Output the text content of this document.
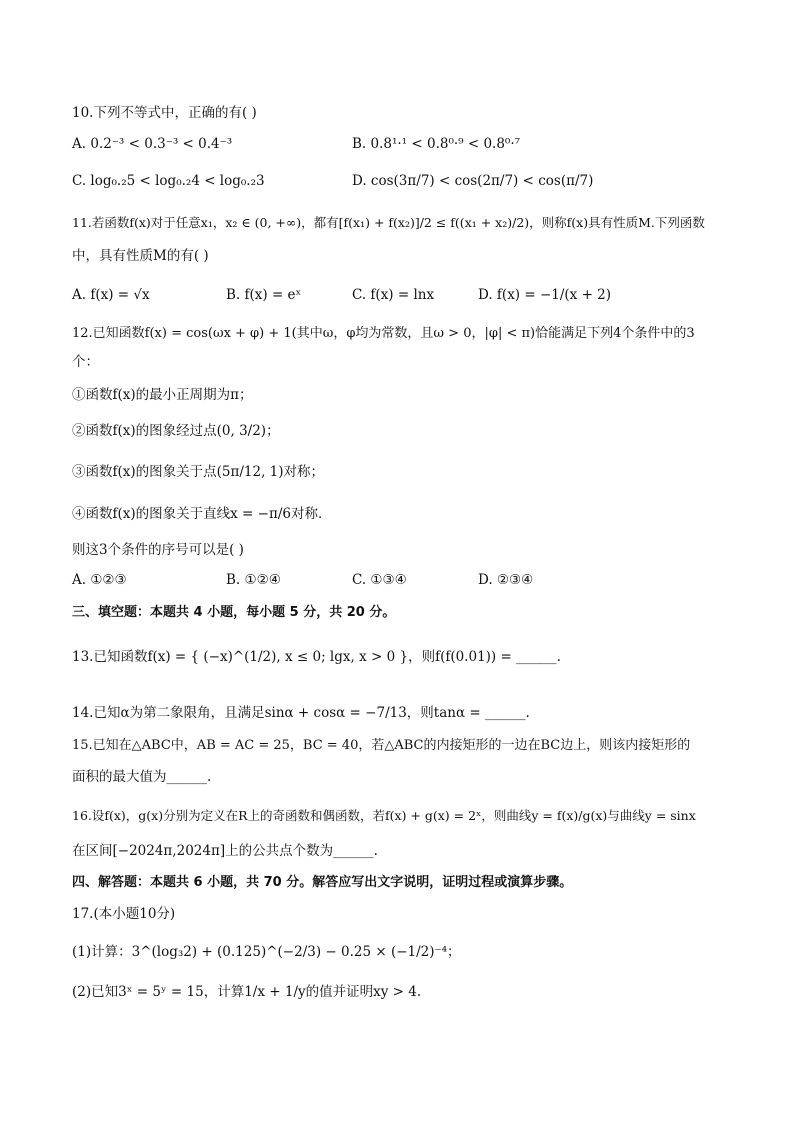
10.下列不等式中，正确的有( )
A. 0.2⁻³ < 0.3⁻³ < 0.4⁻³	B. 0.8¹·¹ < 0.8⁰·⁹ < 0.8⁰·⁷
C. log₀.₂5 < log₀.₂4 < log₀.₂3	D. cos(3π/7) < cos(2π/7) < cos(π/7)
11.若函数f(x)对于任意x₁，x₂ ∈ (0, +∞)，都有[f(x₁) + f(x₂)]/2 ≤ f((x₁ + x₂)/2)，则称f(x)具有性质M.下列函数
中，具有性质M的有( )
A. f(x) = √x	B. f(x) = eˣ	C. f(x) = lnx	D. f(x) = −1/(x + 2)
12.已知函数f(x) = cos(ωx + φ) + 1(其中ω，φ均为常数，且ω > 0，|φ| < π)恰能满足下列4个条件中的3
个：
①函数f(x)的最小正周期为π；
②函数f(x)的图象经过点(0, 3/2)；
③函数f(x)的图象关于点(5π/12, 1)对称；
④函数f(x)的图象关于直线x = −π/6对称．
则这3个条件的序号可以是( )
A. ①②③	B. ①②④	C. ①③④	D. ②③④
三、填空题：本题共 4 小题，每小题 5 分，共 20 分。
13.已知函数f(x) = { (−x)^(1/2), x ≤ 0; lgx, x > 0 }，则f(f(0.01)) = ______.
14.已知α为第二象限角，且满足sinα + cosα = −7/13，则tanα = ______.
15.已知在△ABC中，AB = AC = 25，BC = 40，若△ABC的内接矩形的一边在BC边上，则该内接矩形的
面积的最大值为______.
16.设f(x)，g(x)分别为定义在R上的奇函数和偶函数，若f(x) + g(x) = 2ˣ，则曲线y = f(x)/g(x)与曲线y = sinx
在区间[−2024π,2024π]上的公共点个数为______.
四、解答题：本题共 6 小题，共 70 分。解答应写出文字说明，证明过程或演算步骤。
17.(本小题10分)
(1)计算：3^(log₃2) + (0.125)^(−2/3) − 0.25 × (−1/2)⁻⁴；
(2)已知3ˣ = 5ʸ = 15，计算1/x + 1/y的值并证明xy > 4.
